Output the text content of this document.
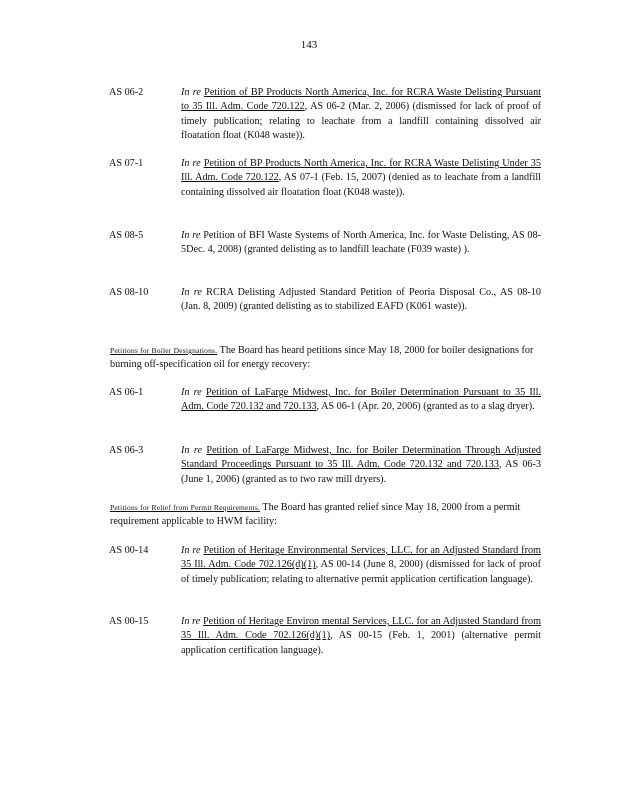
143
AS 06-2	In re Petition of BP Products North America, Inc. for RCRA Waste Delisting Pursuant to 35 Ill. Adm. Code 720.122, AS 06-2 (Mar. 2, 2006) (dismissed for lack of proof of timely publication; relating to leachate from a landfill containing dissolved air floatation float (K048 waste)).
AS 07-1	In re Petition of BP Products North America, Inc. for RCRA Waste Delisting Under 35 Ill. Adm. Code 720.122, AS 07-1 (Feb. 15, 2007) (denied as to leachate from a landfill containing dissolved air floatation float (K048 waste)).
AS 08-5	In re Petition of BFI Waste Systems of North America, Inc. for Waste Delisting, AS 08-5Dec. 4, 2008) (granted delisting as to landfill leachate (F039 waste) ).
AS 08-10	In re RCRA Delisting Adjusted Standard Petition of Peoria Disposal Co., AS 08-10 (Jan. 8, 2009) (granted delisting as to stabilized EAFD (K061 waste)).
Petitions for Boiler Designations. The Board has heard petitions since May 18, 2000 for boiler designations for burning off-specification oil for energy recovery:
AS 06-1	In re Petition of LaFarge Midwest, Inc. for Boiler Determination Pursuant to 35 Ill. Adm. Code 720.132 and 720.133, AS 06-1 (Apr. 20, 2006) (granted as to a slag dryer).
AS 06-3	In re Petition of LaFarge Midwest, Inc. for Boiler Determination Through Adjusted Standard Proceedings Pursuant to 35 Ill. Adm. Code 720.132 and 720.133, AS 06-3 (June 1, 2006) (granted as to two raw mill dryers).
Petitions for Relief from Permit Requirements. The Board has granted relief since May 18, 2000 from a permit requirement applicable to HWM facility:
AS 00-14	In re Petition of Heritage Environmental Services, LLC. for an Adjusted Standard from 35 Ill. Adm. Code 702.126(d)(1), AS 00-14 (June 8, 2000) (dismissed for lack of proof of timely publication; relating to alternative permit application certification language).
AS 00-15	In re Petition of Heritage Environ mental Services, LLC. for an Adjusted Standard from 35 Ill. Adm. Code 702.126(d)(1), AS 00-15 (Feb. 1, 2001) (alternative permit application certification language).
